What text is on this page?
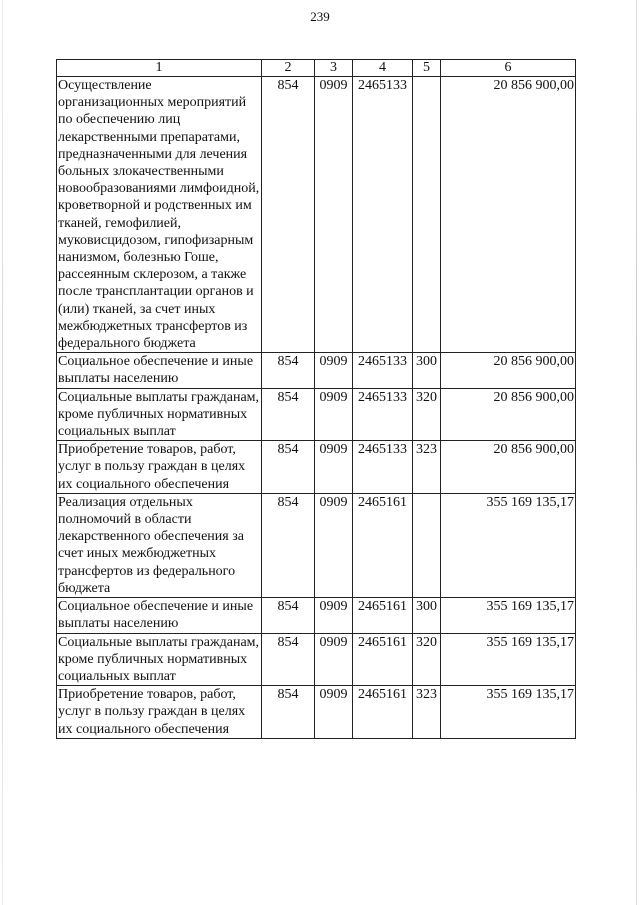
239
1	2	3	4	5	6
Осуществление организационных мероприятий по обеспечению лиц лекарственными препаратами, предназначенными для лечения больных злокачественными новообразованиями лимфоидной, кроветворной и родственных им тканей, гемофилией, муковисцидозом, гипофизарным нанизмом, болезнью Гоше, рассеянным склерозом, а также после трансплантации органов и (или) тканей, за счет иных межбюджетных трансфертов из федерального бюджета	854	0909	2465133		20 856 900,00
Социальное обеспечение и иные выплаты населению	854	0909	2465133	300	20 856 900,00
Социальные выплаты гражданам, кроме публичных нормативных социальных выплат	854	0909	2465133	320	20 856 900,00
Приобретение товаров, работ, услуг в пользу граждан в целях их социального обеспечения	854	0909	2465133	323	20 856 900,00
Реализация отдельных полномочий в области лекарственного обеспечения за счет иных межбюджетных трансфертов из федерального бюджета	854	0909	2465161		355 169 135,17
Социальное обеспечение и иные выплаты населению	854	0909	2465161	300	355 169 135,17
Социальные выплаты гражданам, кроме публичных нормативных социальных выплат	854	0909	2465161	320	355 169 135,17
Приобретение товаров, работ, услуг в пользу граждан в целях их социального обеспечения	854	0909	2465161	323	355 169 135,17
